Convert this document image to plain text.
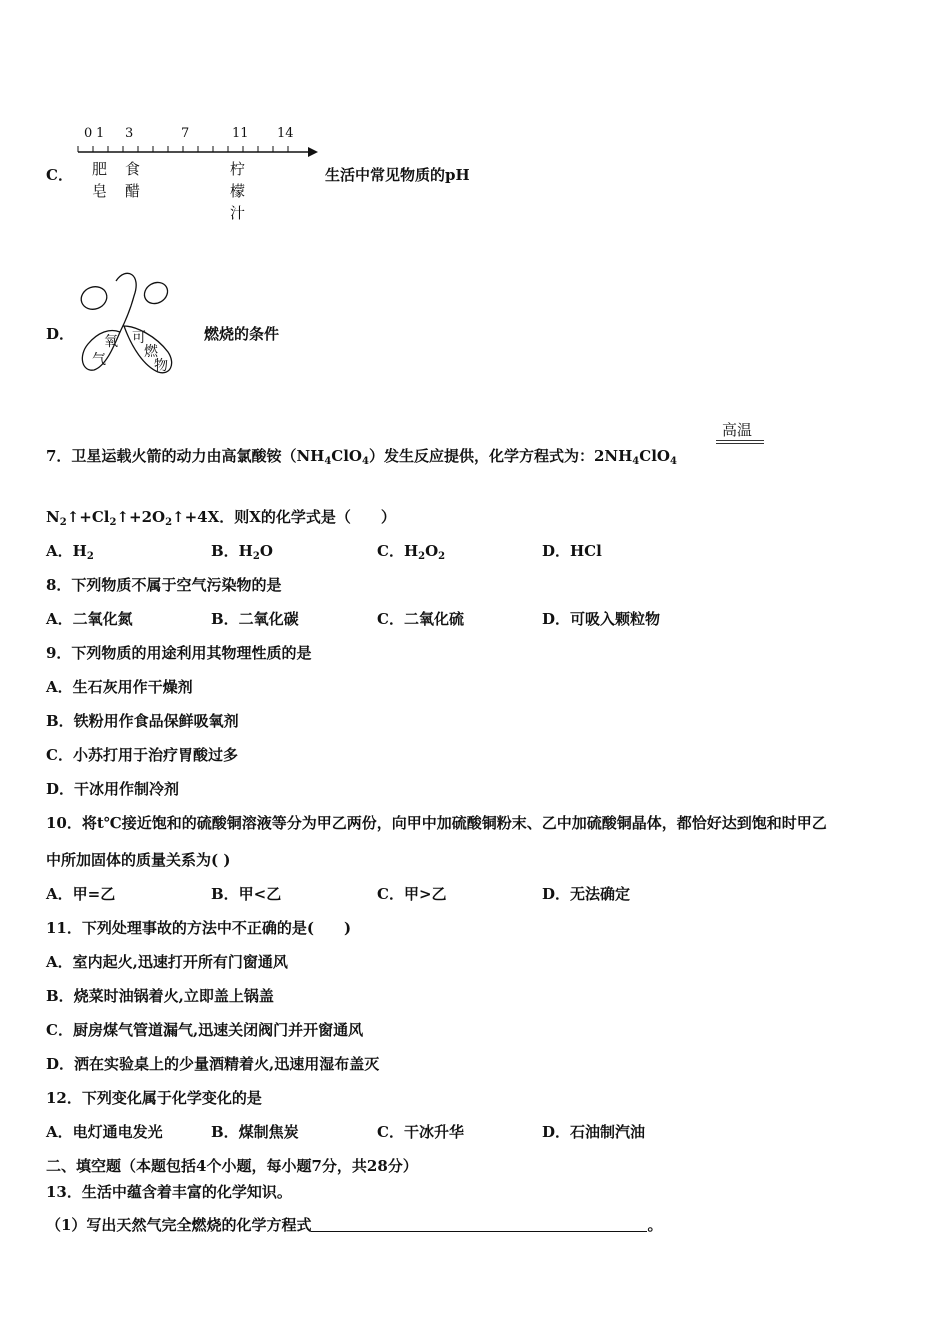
C．
0 1 3	7	11 14
肥
皂
食
醋
柠
檬
汁
生活中常见物质的pH
D． 氧
气
可
燃
物
燃烧的条件
高温
7．卫星运载火箭的动力由高氯酸铵$(NH_4ClO_4)$发生反应提供，化学方程式为：$2NH_4ClO_4$
$N_2↑+Cl_2↑+2O_2↑+4X$．则X的化学式是（　　）
A．$H_2$	B．$H_2O$	C．$H_2O_2$	D．HCl
8．下列物质不属于空气污染物的是
A．二氧化氮	B．二氧化碳	C．二氧化硫	D．可吸入颗粒物
9．下列物质的用途利用其物理性质的是
A．生石灰用作干燥剂
B．铁粉用作食品保鲜吸氧剂
C．小苏打用于治疗胃酸过多
D．干冰用作制冷剂
10．将t℃接近饱和的硫酸铜溶液等分为甲乙两份，向甲中加硫酸铜粉末、乙中加硫酸铜晶体，都恰好达到饱和时甲乙
中所加固体的质量关系为( )
A．甲=乙	B．甲<乙	C．甲>乙	D．无法确定
11．下列处理事故的方法中不正确的是(　　)
A．室内起火,迅速打开所有门窗通风
B．烧菜时油锅着火,立即盖上锅盖
C．厨房煤气管道漏气,迅速关闭阀门并开窗通风
D．洒在实验桌上的少量酒精着火,迅速用湿布盖灭
12．下列变化属于化学变化的是
A．电灯通电发光	B．煤制焦炭	C．干冰升华	D．石油制汽油
二、填空题（本题包括4个小题，每小题7分，共28分）
13．生活中蕴含着丰富的化学知识。
（1）写出天然气完全燃烧的化学方程式	。
